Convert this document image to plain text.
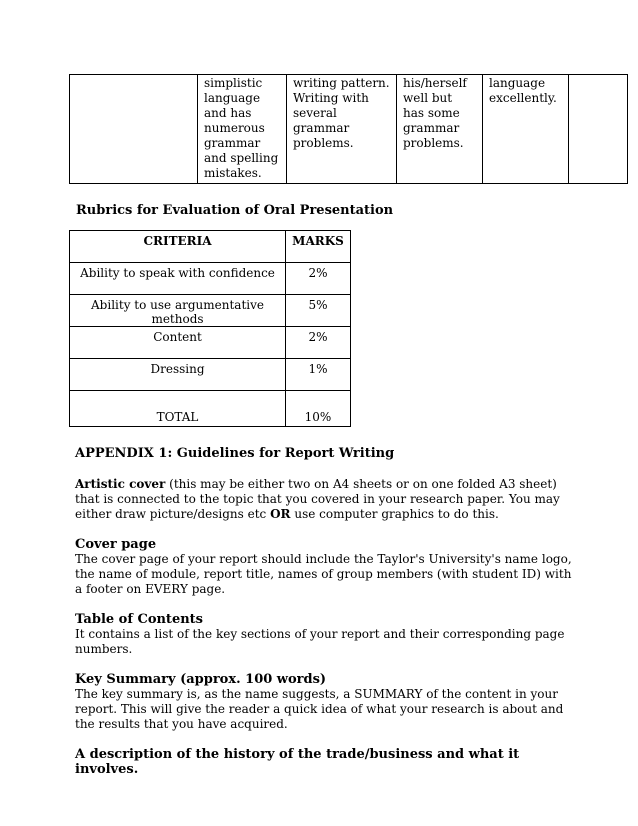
	simplistic language and has numerous grammar and spelling mistakes.	writing pattern. Writing with several grammar problems.	his/herself well but has some grammar problems.	language excellently.	
Rubrics for Evaluation of Oral Presentation
CRITERIA	MARKS
Ability to speak with confidence	2%
Ability to use argumentative methods	5%
Content	2%
Dressing	1%
TOTAL	10%
APPENDIX 1: Guidelines for Report Writing

Artistic cover (this may be either two on A4 sheets or on one folded A3 sheet) that is connected to the topic that you covered in your research paper. You may either draw picture/designs etc OR use computer graphics to do this.

Cover page
The cover page of your report should include the Taylor's University's name logo, the name of module, report title, names of group members (with student ID) with a footer on EVERY page.

Table of Contents
It contains a list of the key sections of your report and their corresponding page numbers.

Key Summary (approx. 100 words)
The key summary is, as the name suggests, a SUMMARY of the content in your report. This will give the reader a quick idea of what your research is about and the results that you have acquired.

A description of the history of the trade/business and what it involves.
